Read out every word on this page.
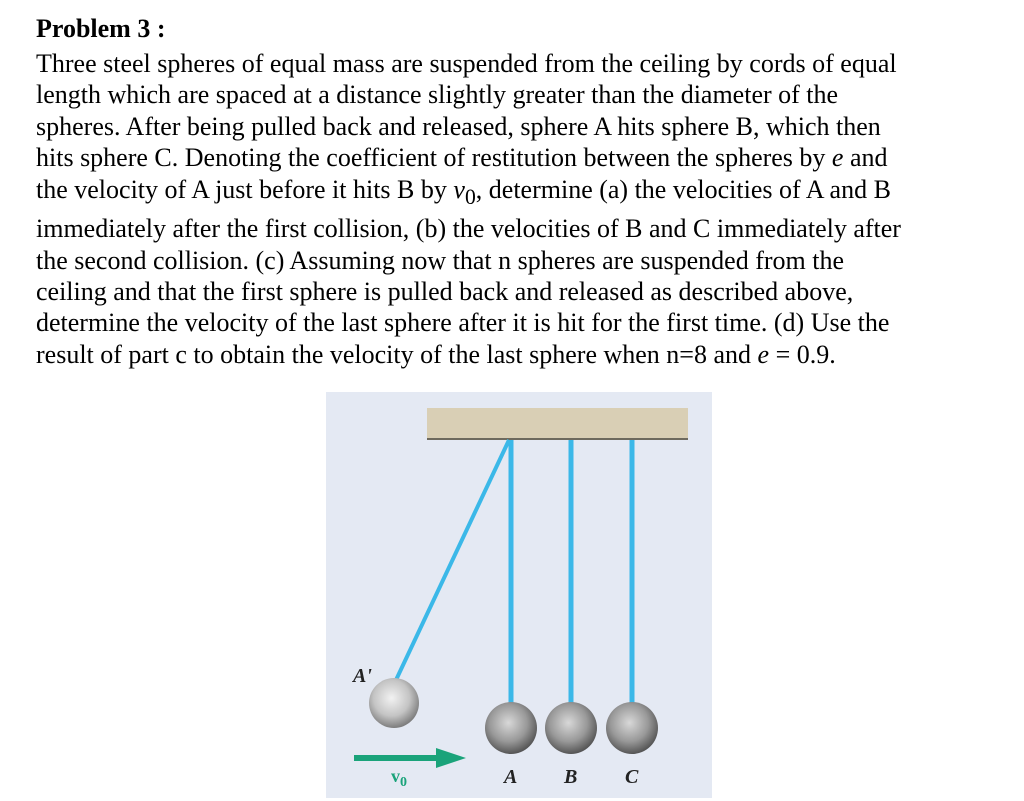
Problem 3 :
Three steel spheres of equal mass are suspended from the ceiling by cords of equal
length which are spaced at a distance slightly greater than the diameter of the
spheres. After being pulled back and released, sphere A hits sphere B, which then
hits sphere C. Denoting the coefficient of restitution between the spheres by e and
the velocity of A just before it hits B by $v_0$, determine (a) the velocities of A and B
immediately after the first collision, (b) the velocities of B and C immediately after
the second collision. (c) Assuming now that n spheres are suspended from the
ceiling and that the first sphere is pulled back and released as described above,
determine the velocity of the last sphere after it is hit for the first time. (d) Use the
result of part c to obtain the velocity of the last sphere when n=8 and e = 0.9.
A'
A B C
$v_0$
